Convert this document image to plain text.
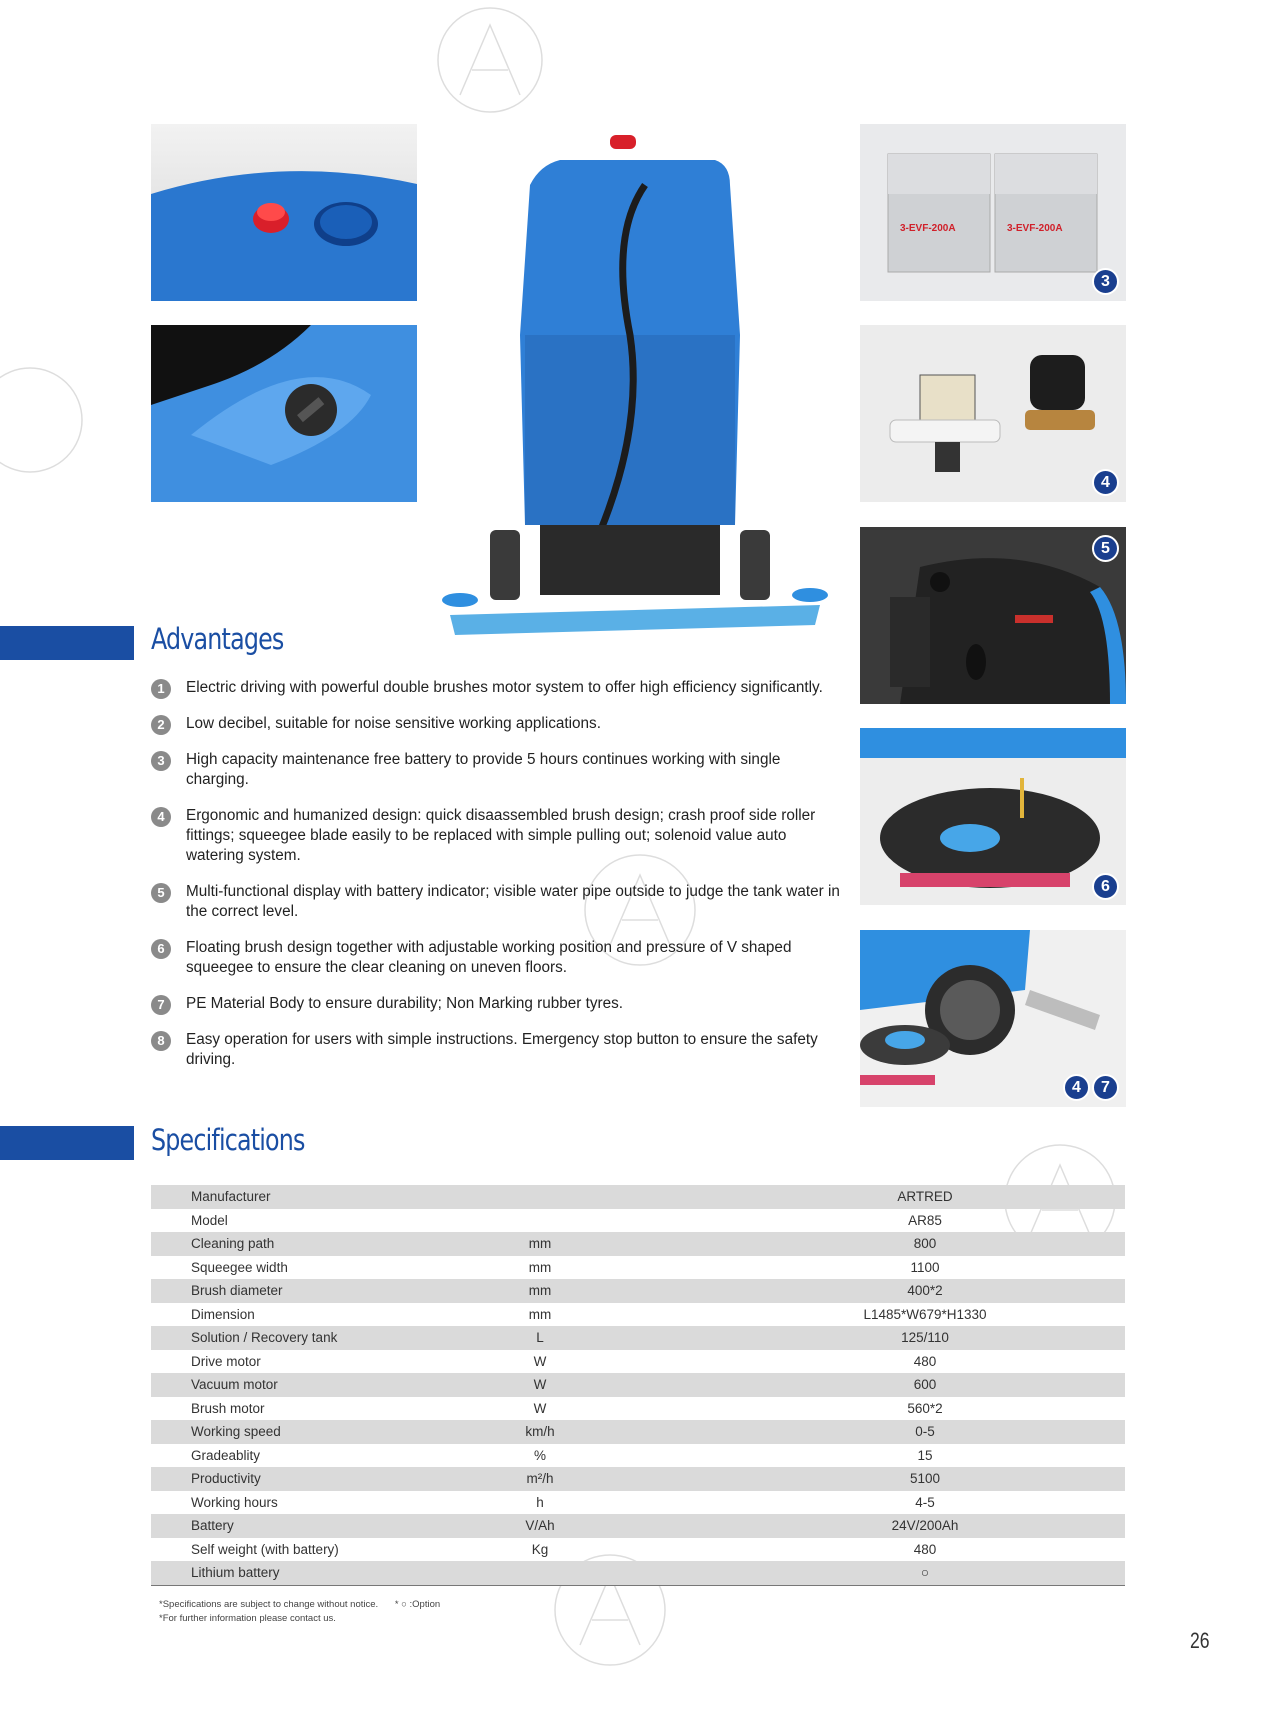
3-EVF-200A	3-EVF-200A
3
4
5
6
4	7
Advantages
1	Electric driving with powerful double brushes motor system to offer high efficiency significantly.
2	Low decibel, suitable for noise sensitive working applications.
3	High capacity maintenance free battery to provide 5 hours continues working with single charging.
4	Ergonomic and humanized design: quick disaassembled brush design; crash proof side roller fittings; squeegee blade easily to be replaced with simple pulling out; solenoid value auto watering system.
5	Multi-functional display with battery indicator; visible water pipe outside to judge the tank water in the correct level.
6	Floating brush design together with adjustable working position and pressure of V shaped squeegee to ensure the clear cleaning on uneven floors.
7	PE Material Body to ensure durability; Non Marking rubber tyres.
8	Easy operation for users with simple instructions. Emergency stop button to ensure the safety driving.
Specifications
Manufacturer		ARTRED
Model		AR85
Cleaning path	mm	800
Squeegee width	mm	1100
Brush diameter	mm	400*2
Dimension	mm	L1485*W679*H1330
Solution / Recovery tank	L	125/110
Drive motor	W	480
Vacuum motor	W	600
Brush motor	W	560*2
Working speed	km/h	0-5
Gradeablity	%	15
Productivity	m²/h	5100
Working hours	h	4-5
Battery	V/Ah	24V/200Ah
Self weight (with battery)	Kg	480
Lithium battery		○
*Specifications are subject to change without notice. * ○ :Option
*For further information please contact us.
26
